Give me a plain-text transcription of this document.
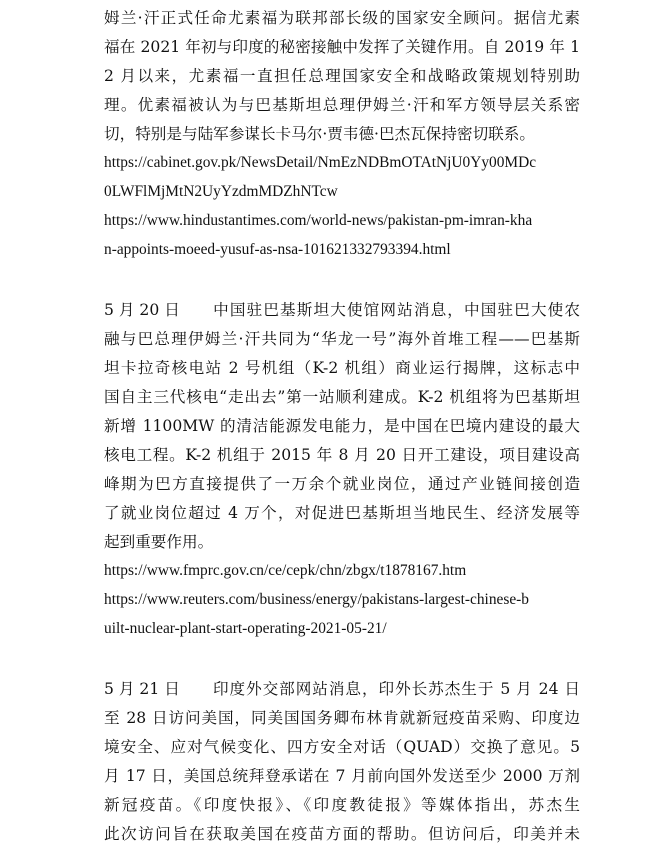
姆兰·汗正式任命尤素福为联邦部长级的国家安全顾问。据信尤素
福在 2021 年初与印度的秘密接触中发挥了关键作用。自 2019 年 1
2 月以来，尤素福一直担任总理国家安全和战略政策规划特别助
理。优素福被认为与巴基斯坦总理伊姆兰·汗和军方领导层关系密
切，特别是与陆军参谋长卡马尔·贾韦德·巴杰瓦保持密切联系。
https://cabinet.gov.pk/NewsDetail/NmEzNDBmOTAtNjU0Yy00MDc
0LWFlMjMtN2UyYzdmMDZhNTcw
https://www.hindustantimes.com/world-news/pakistan-pm-imran-kha
n-appoints-moeed-yusuf-as-nsa-101621332793394.html
5 月 20 日 中国驻巴基斯坦大使馆网站消息，中国驻巴大使农
融与巴总理伊姆兰·汗共同为“华龙一号”海外首堆工程——巴基斯
坦卡拉奇核电站 2 号机组（K-2 机组）商业运行揭牌，这标志中
国自主三代核电“走出去”第一站顺利建成。K-2 机组将为巴基斯坦
新增 1100MW 的清洁能源发电能力，是中国在巴境内建设的最大
核电工程。K-2 机组于 2015 年 8 月 20 日开工建设，项目建设高
峰期为巴方直接提供了一万余个就业岗位，通过产业链间接创造
了就业岗位超过 4 万个，对促进巴基斯坦当地民生、经济发展等
起到重要作用。
https://www.fmprc.gov.cn/ce/cepk/chn/zbgx/t1878167.htm
https://www.reuters.com/business/energy/pakistans-largest-chinese-b
uilt-nuclear-plant-start-operating-2021-05-21/
5 月 21 日 印度外交部网站消息，印外长苏杰生于 5 月 24 日
至 28 日访问美国，同美国国务卿布林肯就新冠疫苗采购、印度边
境安全、应对气候变化、四方安全对话（QUAD）交换了意见。5
月 17 日，美国总统拜登承诺在 7 月前向国外发送至少 2000 万剂
新冠疫苗。《印度快报》、《印度教徒报》等媒体指出，苏杰生
此次访问旨在获取美国在疫苗方面的帮助。但访问后，印美并未
